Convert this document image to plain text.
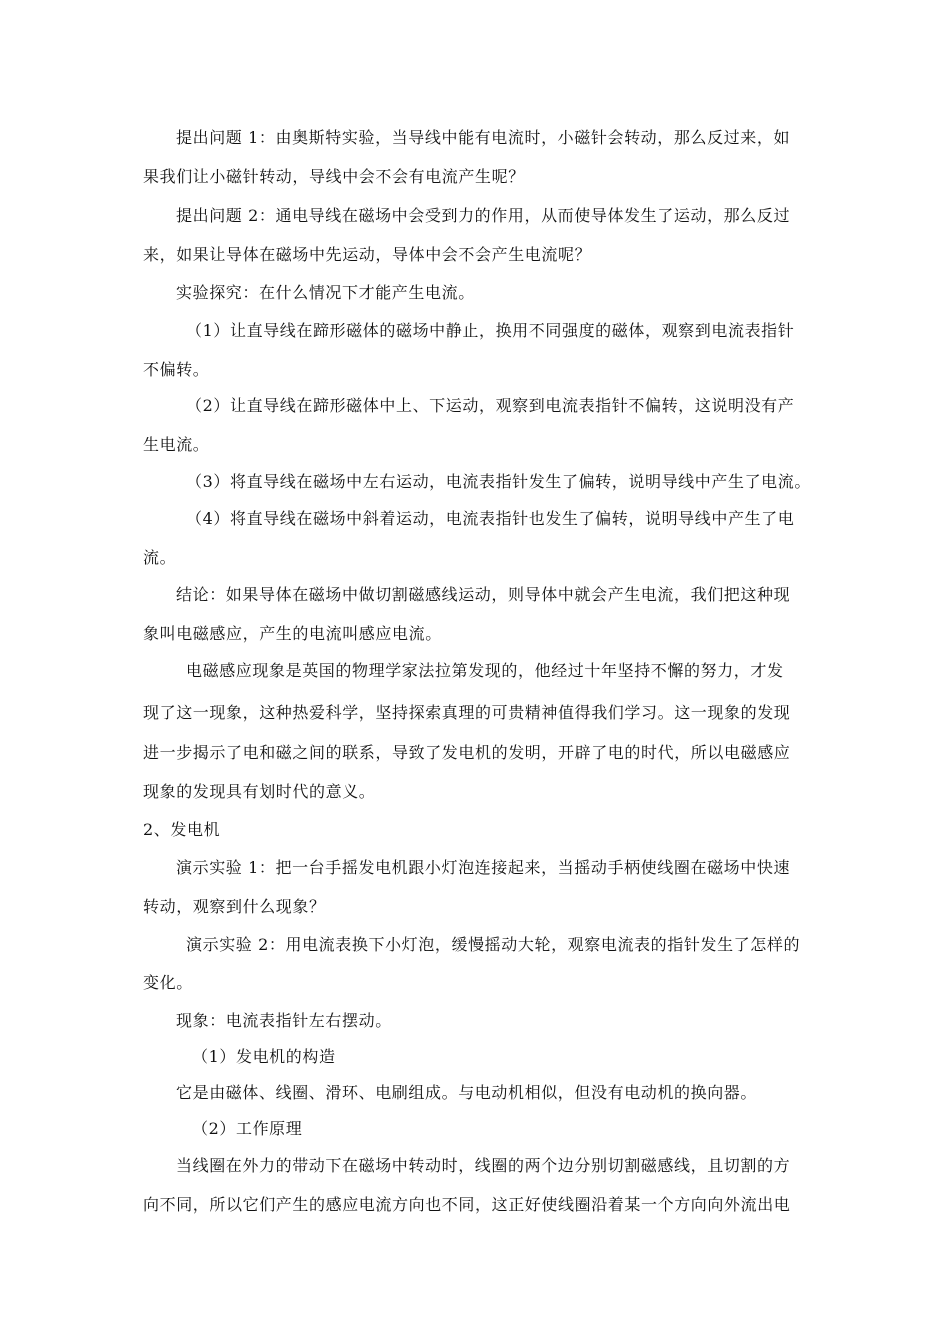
提出问题 1：由奥斯特实验，当导线中能有电流时，小磁针会转动，那么反过来，如
果我们让小磁针转动，导线中会不会有电流产生呢？
提出问题 2：通电导线在磁场中会受到力的作用，从而使导体发生了运动，那么反过
来，如果让导体在磁场中先运动，导体中会不会产生电流呢？
实验探究：在什么情况下才能产生电流。
（1）让直导线在蹄形磁体的磁场中静止，换用不同强度的磁体，观察到电流表指针
不偏转。
（2）让直导线在蹄形磁体中上、下运动，观察到电流表指针不偏转，这说明没有产
生电流。
（3）将直导线在磁场中左右运动，电流表指针发生了偏转，说明导线中产生了电流。
（4）将直导线在磁场中斜着运动，电流表指针也发生了偏转，说明导线中产生了电
流。
结论：如果导体在磁场中做切割磁感线运动，则导体中就会产生电流，我们把这种现
象叫电磁感应，产生的电流叫感应电流。
电磁感应现象是英国的物理学家法拉第发现的，他经过十年坚持不懈的努力，才发
现了这一现象，这种热爱科学，坚持探索真理的可贵精神值得我们学习。这一现象的发现
进一步揭示了电和磁之间的联系，导致了发电机的发明，开辟了电的时代，所以电磁感应
现象的发现具有划时代的意义。
2、发电机
演示实验 1：把一台手摇发电机跟小灯泡连接起来，当摇动手柄使线圈在磁场中快速
转动，观察到什么现象？
演示实验 2：用电流表换下小灯泡，缓慢摇动大轮，观察电流表的指针发生了怎样的
变化。
现象：电流表指针左右摆动。
（1）发电机的构造
它是由磁体、线圈、滑环、电刷组成。与电动机相似，但没有电动机的换向器。
（2）工作原理
当线圈在外力的带动下在磁场中转动时，线圈的两个边分别切割磁感线，且切割的方
向不同，所以它们产生的感应电流方向也不同，这正好使线圈沿着某一个方向向外流出电
